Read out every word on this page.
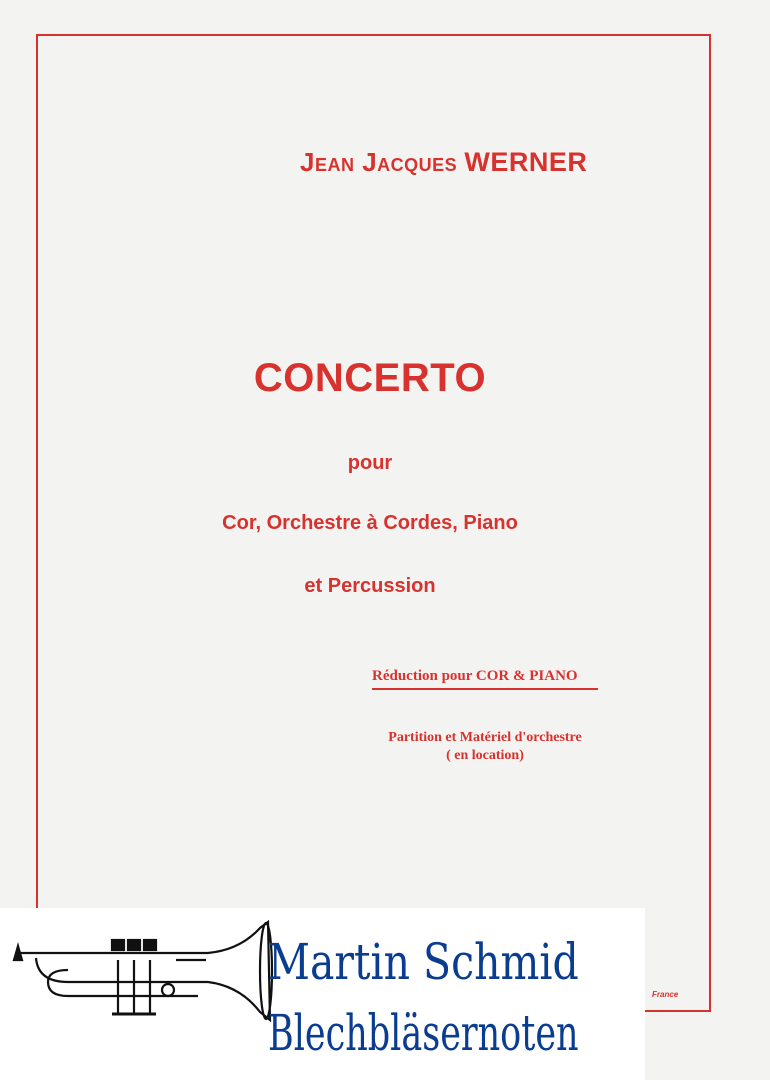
Jean Jacques WERNER
CONCERTO
pour
Cor, Orchestre à Cordes, Piano
et Percussion
Réduction pour COR & PIANO
Partition et Matériel d'orchestre
( en location)
France
Martin Schmid
Blechbläsernoten
